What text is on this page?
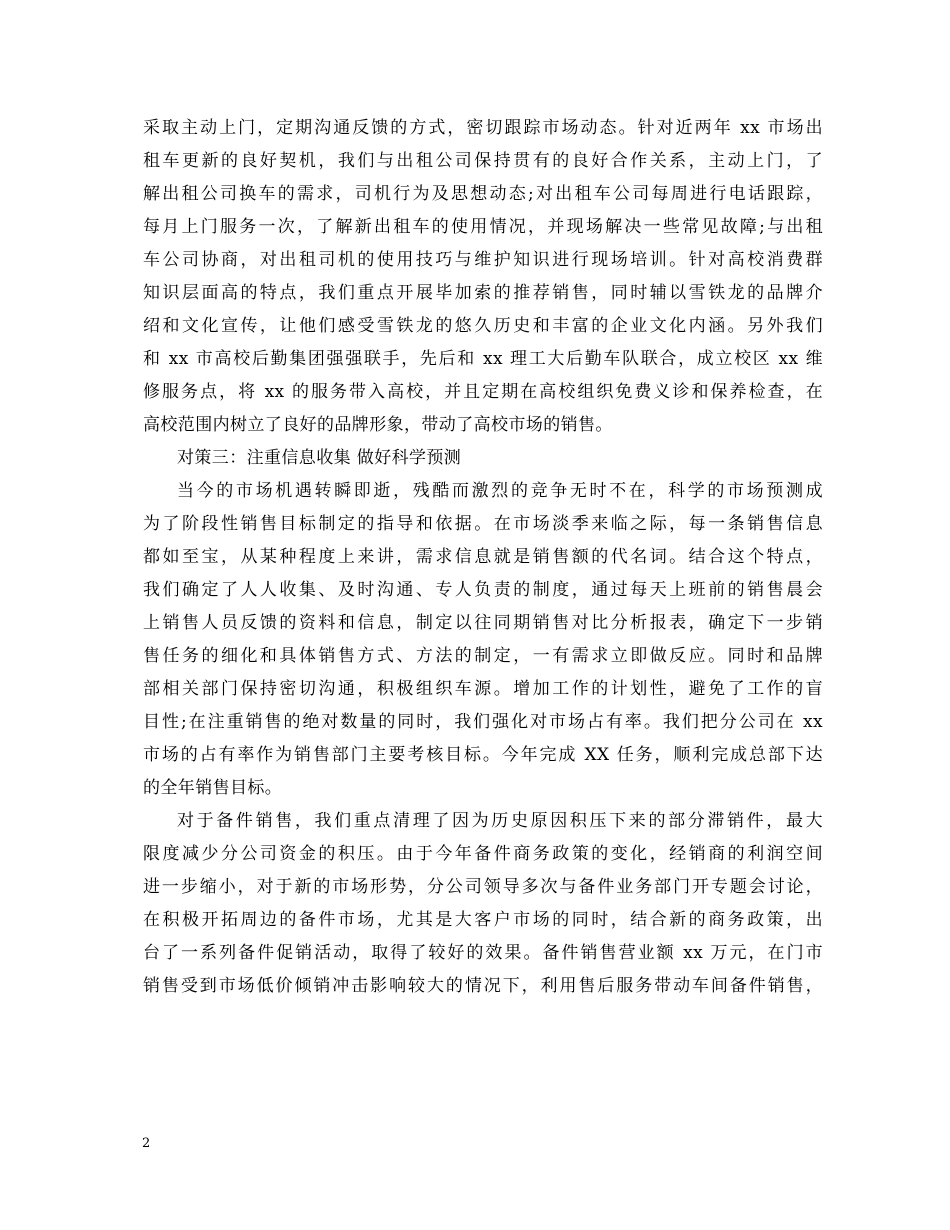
采取主动上门，定期沟通反馈的方式，密切跟踪市场动态。针对近两年 xx 市场出
租车更新的良好契机，我们与出租公司保持贯有的良好合作关系，主动上门，了
解出租公司换车的需求，司机行为及思想动态;对出租车公司每周进行电话跟踪，
每月上门服务一次，了解新出租车的使用情况，并现场解决一些常见故障;与出租
车公司协商，对出租司机的使用技巧与维护知识进行现场培训。针对高校消费群
知识层面高的特点，我们重点开展毕加索的推荐销售，同时辅以雪铁龙的品牌介
绍和文化宣传，让他们感受雪铁龙的悠久历史和丰富的企业文化内涵。另外我们
和 xx 市高校后勤集团强强联手，先后和 xx 理工大后勤车队联合，成立校区 xx 维
修服务点，将 xx 的服务带入高校，并且定期在高校组织免费义诊和保养检查，在
高校范围内树立了良好的品牌形象，带动了高校市场的销售。
对策三：注重信息收集 做好科学预测
当今的市场机遇转瞬即逝，残酷而激烈的竞争无时不在，科学的市场预测成
为了阶段性销售目标制定的指导和依据。在市场淡季来临之际，每一条销售信息
都如至宝，从某种程度上来讲，需求信息就是销售额的代名词。结合这个特点，
我们确定了人人收集、及时沟通、专人负责的制度，通过每天上班前的销售晨会
上销售人员反馈的资料和信息，制定以往同期销售对比分析报表，确定下一步销
售任务的细化和具体销售方式、方法的制定，一有需求立即做反应。同时和品牌
部相关部门保持密切沟通，积极组织车源。增加工作的计划性，避免了工作的盲
目性;在注重销售的绝对数量的同时，我们强化对市场占有率。我们把分公司在 xx
市场的占有率作为销售部门主要考核目标。今年完成 XX 任务，顺利完成总部下达
的全年销售目标。
对于备件销售，我们重点清理了因为历史原因积压下来的部分滞销件，最大
限度减少分公司资金的积压。由于今年备件商务政策的变化，经销商的利润空间
进一步缩小，对于新的市场形势，分公司领导多次与备件业务部门开专题会讨论，
在积极开拓周边的备件市场，尤其是大客户市场的同时，结合新的商务政策，出
台了一系列备件促销活动，取得了较好的效果。备件销售营业额 xx 万元，在门市
销售受到市场低价倾销冲击影响较大的情况下，利用售后服务带动车间备件销售，
2
